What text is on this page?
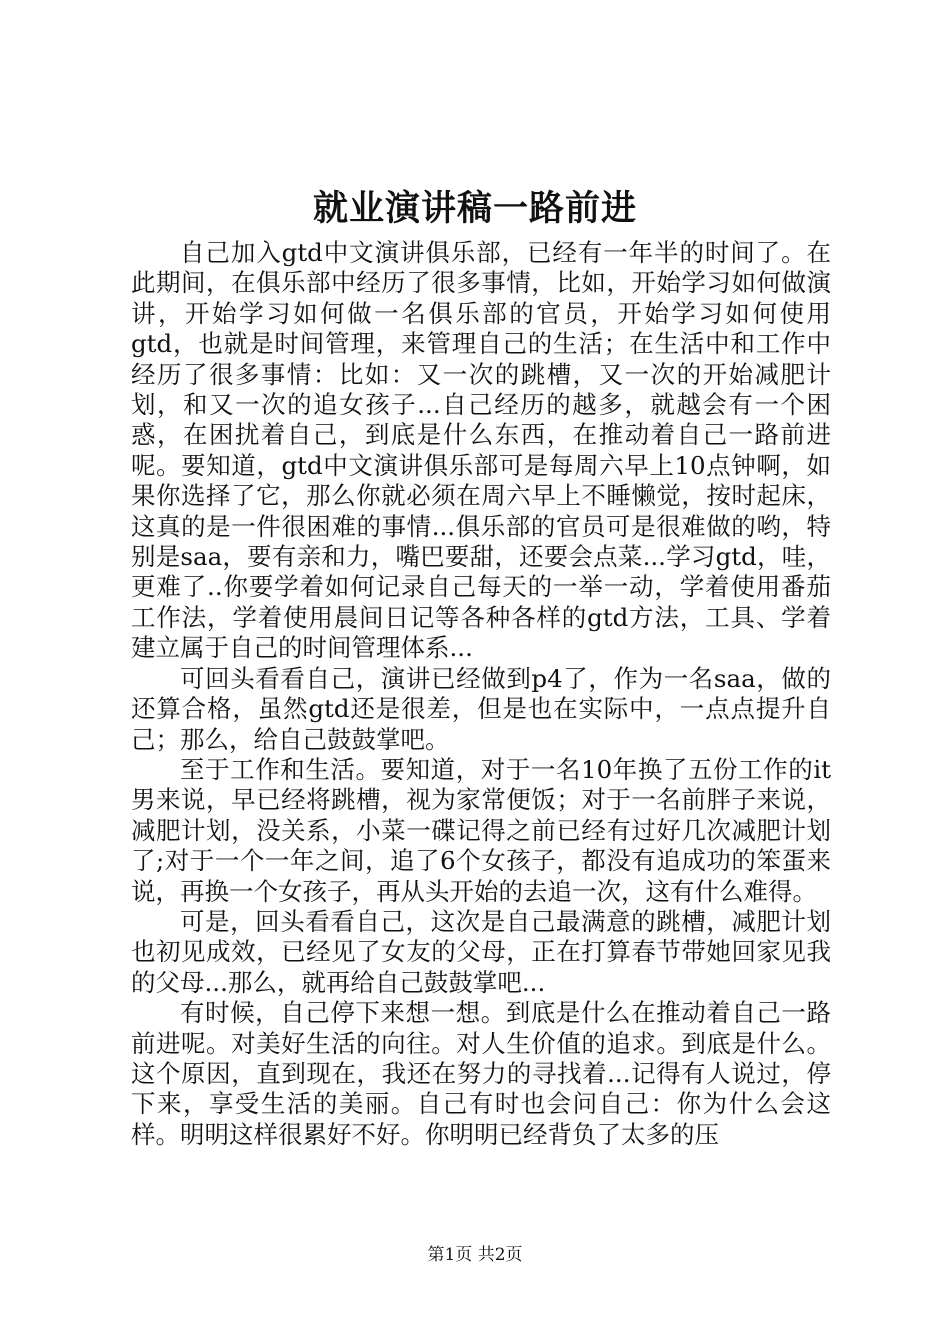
就业演讲稿一路前进

自己加入gtd中文演讲俱乐部，已经有一年半的时间了。在此期间，在俱乐部中经历了很多事情，比如，开始学习如何做演讲，开始学习如何做一名俱乐部的官员，开始学习如何使用gtd，也就是时间管理，来管理自己的生活；在生活中和工作中经历了很多事情：比如：又一次的跳槽，又一次的开始减肥计划，和又一次的追女孩子...自己经历的越多，就越会有一个困惑，在困扰着自己，到底是什么东西，在推动着自己一路前进呢。要知道，gtd中文演讲俱乐部可是每周六早上10点钟啊，如果你选择了它，那么你就必须在周六早上不睡懒觉，按时起床，这真的是一件很困难的事情...俱乐部的官员可是很难做的哟，特别是saa，要有亲和力，嘴巴要甜，还要会点菜...学习gtd，哇，更难了..你要学着如何记录自己每天的一举一动，学着使用番茄工作法，学着使用晨间日记等各种各样的gtd方法，工具、学着建立属于自己的时间管理体系...

可回头看看自己，演讲已经做到p4了，作为一名saa，做的还算合格，虽然gtd还是很差，但是也在实际中，一点点提升自己；那么，给自己鼓鼓掌吧。

至于工作和生活。要知道，对于一名10年换了五份工作的it男来说，早已经将跳槽，视为家常便饭；对于一名前胖子来说，减肥计划，没关系，小菜一碟记得之前已经有过好几次减肥计划了;对于一个一年之间，追了6个女孩子，都没有追成功的笨蛋来说，再换一个女孩子，再从头开始的去追一次，这有什么难得。

可是，回头看看自己，这次是自己最满意的跳槽，减肥计划也初见成效，已经见了女友的父母，正在打算春节带她回家见我的父母...那么，就再给自己鼓鼓掌吧...

有时候，自己停下来想一想。到底是什么在推动着自己一路前进呢。对美好生活的向往。对人生价值的追求。到底是什么。这个原因，直到现在，我还在努力的寻找着...记得有人说过，停下来，享受生活的美丽。自己有时也会问自己：你为什么会这样。明明这样很累好不好。你明明已经背负了太多的压

第1页 共2页
